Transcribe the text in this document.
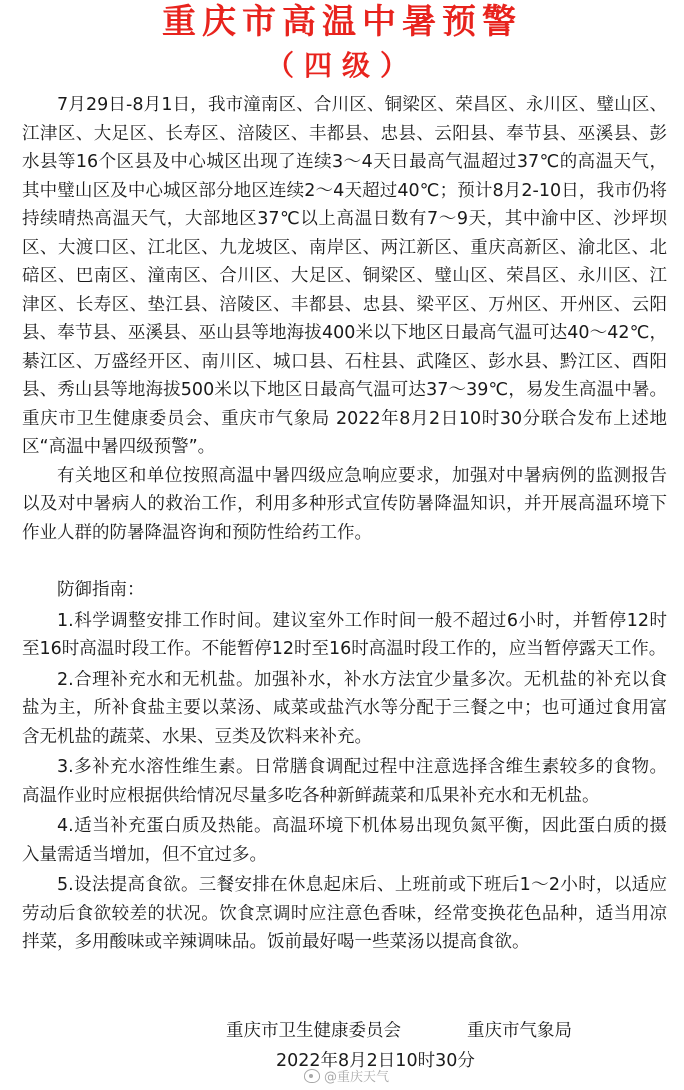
重庆市高温中暑预警
（四级）

7月29日-8月1日，我市潼南区、合川区、铜梁区、荣昌区、永川区、璧山区、江津区、大足区、长寿区、涪陵区、丰都县、忠县、云阳县、奉节县、巫溪县、彭水县等16个区县及中心城区出现了连续3～4天日最高气温超过37℃的高温天气，其中璧山区及中心城区部分地区连续2～4天超过40℃；预计8月2-10日，我市仍将持续晴热高温天气，大部地区37℃以上高温日数有7～9天，其中渝中区、沙坪坝区、大渡口区、江北区、九龙坡区、南岸区、两江新区、重庆高新区、渝北区、北碚区、巴南区、潼南区、合川区、大足区、铜梁区、璧山区、荣昌区、永川区、江津区、长寿区、垫江县、涪陵区、丰都县、忠县、梁平区、万州区、开州区、云阳县、奉节县、巫溪县、巫山县等地海拔400米以下地区日最高气温可达40～42℃，綦江区、万盛经开区、南川区、城口县、石柱县、武隆区、彭水县、黔江区、酉阳县、秀山县等地海拔500米以下地区日最高气温可达37～39℃，易发生高温中暑。重庆市卫生健康委员会、重庆市气象局 2022年8月2日10时30分联合发布上述地区“高温中暑四级预警”。

有关地区和单位按照高温中暑四级应急响应要求，加强对中暑病例的监测报告以及对中暑病人的救治工作，利用多种形式宣传防暑降温知识，并开展高温环境下作业人群的防暑降温咨询和预防性给药工作。

防御指南：

1.科学调整安排工作时间。建议室外工作时间一般不超过6小时，并暂停12时至16时高温时段工作。不能暂停12时至16时高温时段工作的，应当暂停露天工作。

2.合理补充水和无机盐。加强补水，补水方法宜少量多次。无机盐的补充以食盐为主，所补食盐主要以菜汤、咸菜或盐汽水等分配于三餐之中；也可通过食用富含无机盐的蔬菜、水果、豆类及饮料来补充。

3.多补充水溶性维生素。日常膳食调配过程中注意选择含维生素较多的食物。高温作业时应根据供给情况尽量多吃各种新鲜蔬菜和瓜果补充水和无机盐。

4.适当补充蛋白质及热能。高温环境下机体易出现负氮平衡，因此蛋白质的摄入量需适当增加，但不宜过多。

5.设法提高食欲。三餐安排在休息起床后、上班前或下班后1～2小时，以适应劳动后食欲较差的状况。饮食烹调时应注意色香味，经常变换花色品种，适当用凉拌菜，多用酸味或辛辣调味品。饭前最好喝一些菜汤以提高食欲。

重庆市卫生健康委员会	重庆市气象局
2022年8月2日10时30分
@重庆天气
